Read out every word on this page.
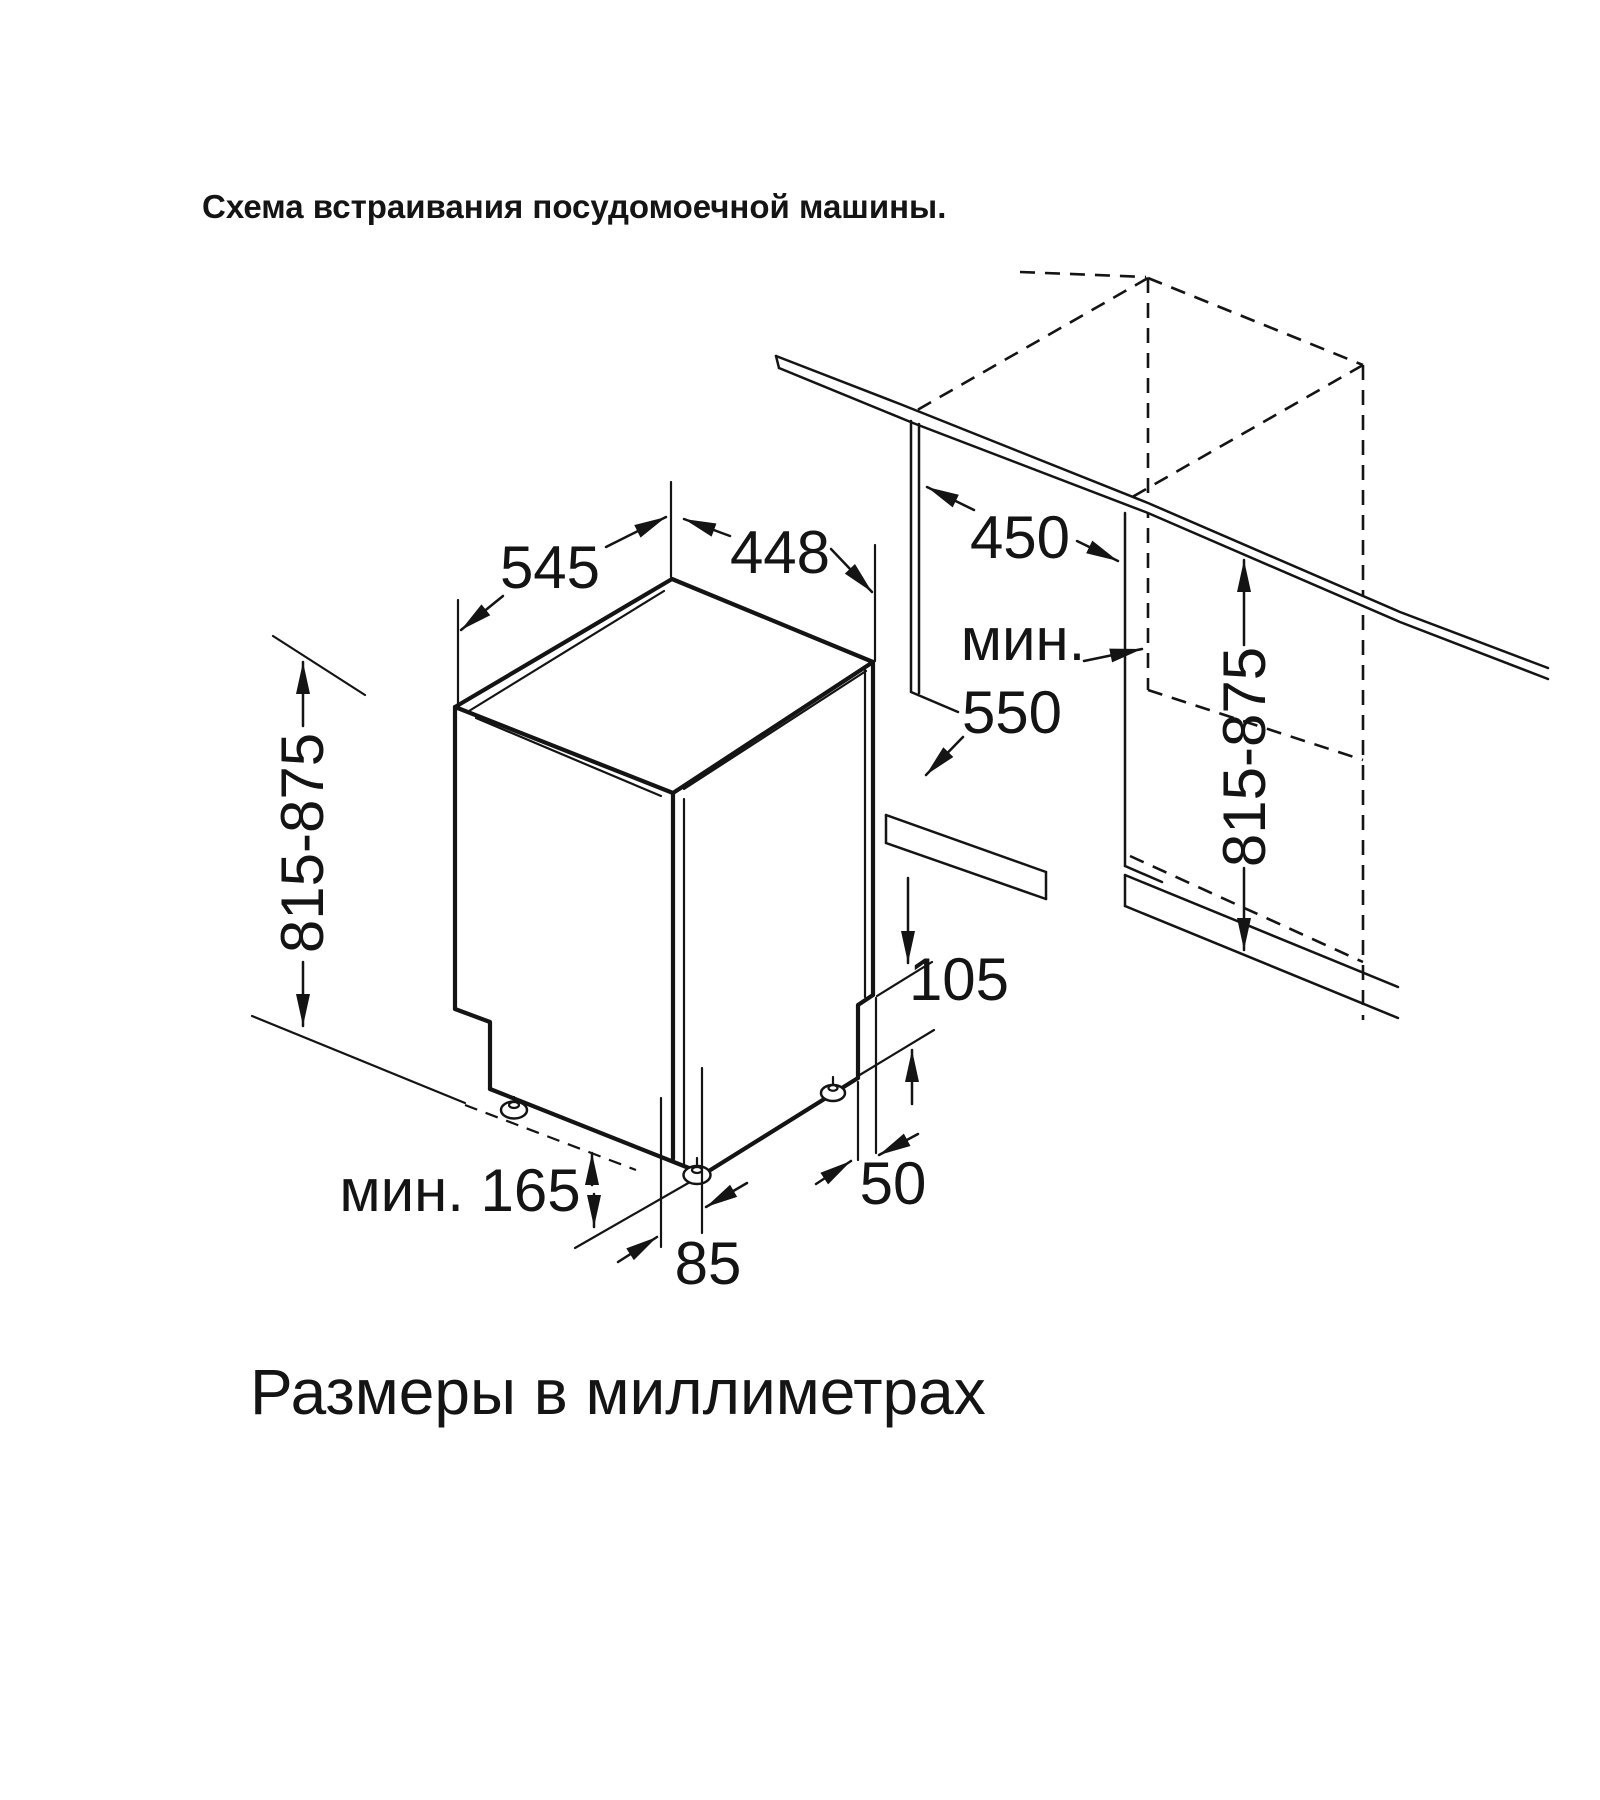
Схема встраивания посудомоечной машины.
545 448 450
мин.
550
815-875	815-875
105
50
мин. 165
85
Размеры в миллиметрах
